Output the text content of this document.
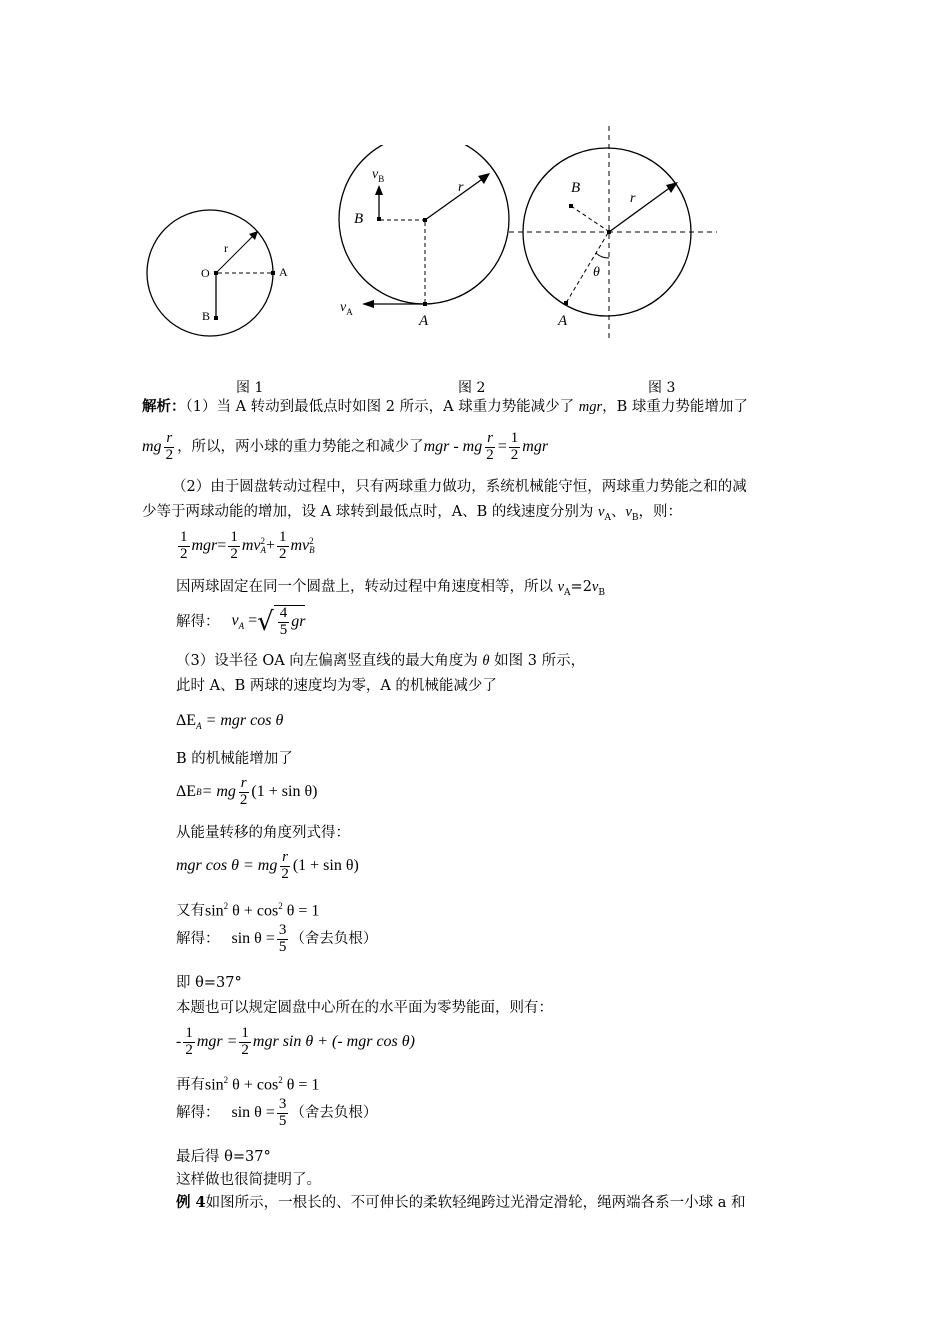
r
O	A
B
$v_B$
r
B
$v_A$
A
B
r
θ
A
图 1	图 2	图 3
解析：（1）当 A 转动到最低点时如图 2 所示，A 球重力势能减少了 mgr，B 球重力势能增加了
mg $\frac{r}{2}$ ，所以，两小球的重力势能之和减少了 mgr - mg $\frac{r}{2} = \frac{1}{2}$ mgr
（2）由于圆盘转动过程中，只有两球重力做功，系统机械能守恒，两球重力势能之和的减
少等于两球动能的增加，设 A 球转到最低点时，A、B 的线速度分别为 $v_A$、$v_B$，则：
$\frac{1}{2}$ mgr = $\frac{1}{2}$ mv 2
$A + \frac{1}{2}$ mv 2
B
因两球固定在同一个圆盘上，转动过程中角速度相等，所以 $v_A=2v_B$
解得： $v_A$ = √ $\frac{4}{5}$ gr
（3）设半径 OA 向左偏离竖直线的最大角度为 θ 如图 3 所示，
此时 A、B 两球的速度均为零，A 的机械能减少了
$\Delta E_A$ = mgr cos θ
B 的机械能增加了
ΔE B = mg $\frac{r}{2} (1 + \sin \theta)$
从能量转移的角度列式得：
mgr cos θ = mg $\frac{r}{2} (1 + \sin \theta)$
又有 $\sin^2 \theta + \cos^2 \theta = 1$
解得： $\sin \theta = \frac{3}{5}$ （舍去负根）
即 θ=37°
本题也可以规定圆盘中心所在的水平面为零势能面，则有：
- $\frac{1}{2}$ mgr = $\frac{1}{2}$ mgr sin θ + (- mgr cos θ)
再有 $\sin^2 \theta + \cos^2 \theta = 1$
解得： $\sin \theta = \frac{3}{5}$ （舍去负根）
最后得 θ=37°
这样做也很简捷明了。
例 4如图所示，一根长的、不可伸长的柔软轻绳跨过光滑定滑轮，绳两端各系一小球 a 和
